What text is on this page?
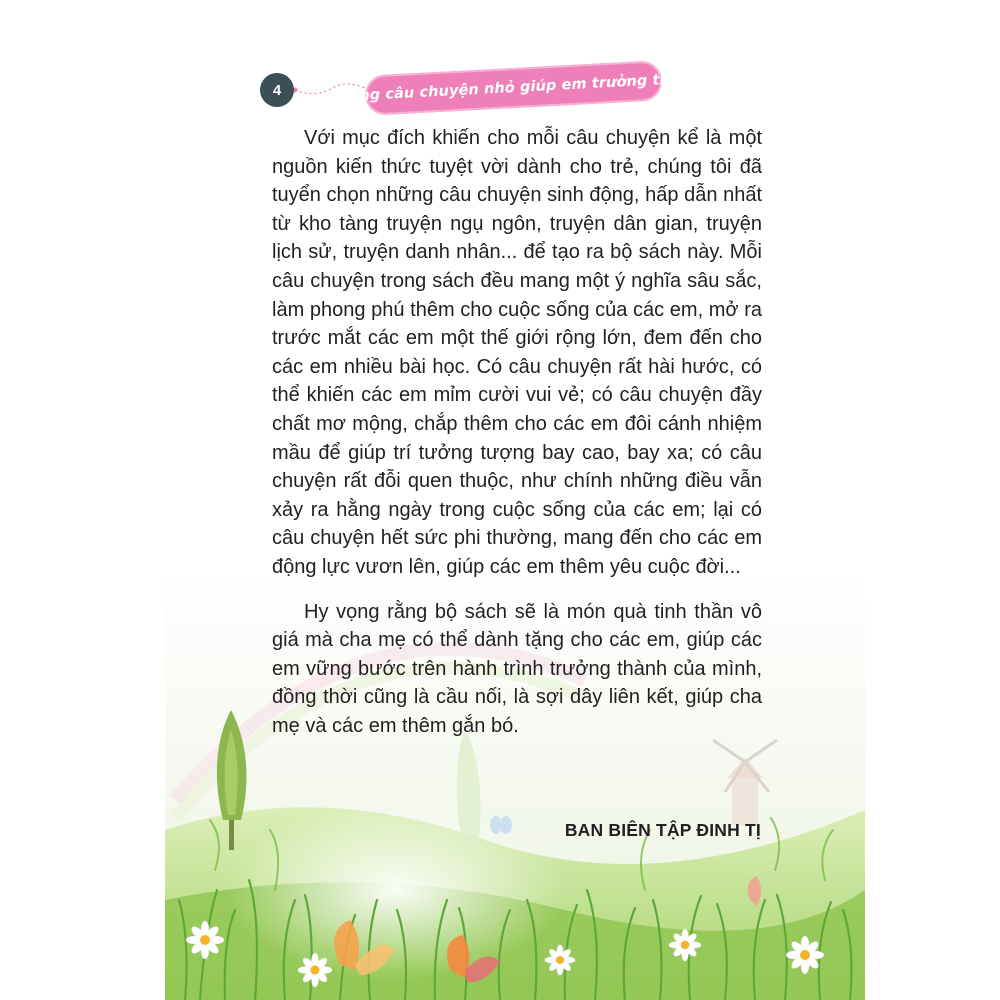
4	Những câu chuyện nhỏ giúp em trưởng thành

Với mục đích khiến cho mỗi câu chuyện kể là một nguồn kiến thức tuyệt vời dành cho trẻ, chúng tôi đã tuyển chọn những câu chuyện sinh động, hấp dẫn nhất từ kho tàng truyện ngụ ngôn, truyện dân gian, truyện lịch sử, truyện danh nhân... để tạo ra bộ sách này. Mỗi câu chuyện trong sách đều mang một ý nghĩa sâu sắc, làm phong phú thêm cho cuộc sống của các em, mở ra trước mắt các em một thế giới rộng lớn, đem đến cho các em nhiều bài học. Có câu chuyện rất hài hước, có thể khiến các em mỉm cười vui vẻ; có câu chuyện đầy chất mơ mộng, chắp thêm cho các em đôi cánh nhiệm mầu để giúp trí tưởng tượng bay cao, bay xa; có câu chuyện rất đỗi quen thuộc, như chính những điều vẫn xảy ra hằng ngày trong cuộc sống của các em; lại có câu chuyện hết sức phi thường, mang đến cho các em động lực vươn lên, giúp các em thêm yêu cuộc đời...

Hy vọng rằng bộ sách sẽ là món quà tinh thần vô giá mà cha mẹ có thể dành tặng cho các em, giúp các em vững bước trên hành trình trưởng thành của mình, đồng thời cũng là cầu nối, là sợi dây liên kết, giúp cha mẹ và các em thêm gắn bó.

BAN BIÊN TẬP ĐINH TỊ
